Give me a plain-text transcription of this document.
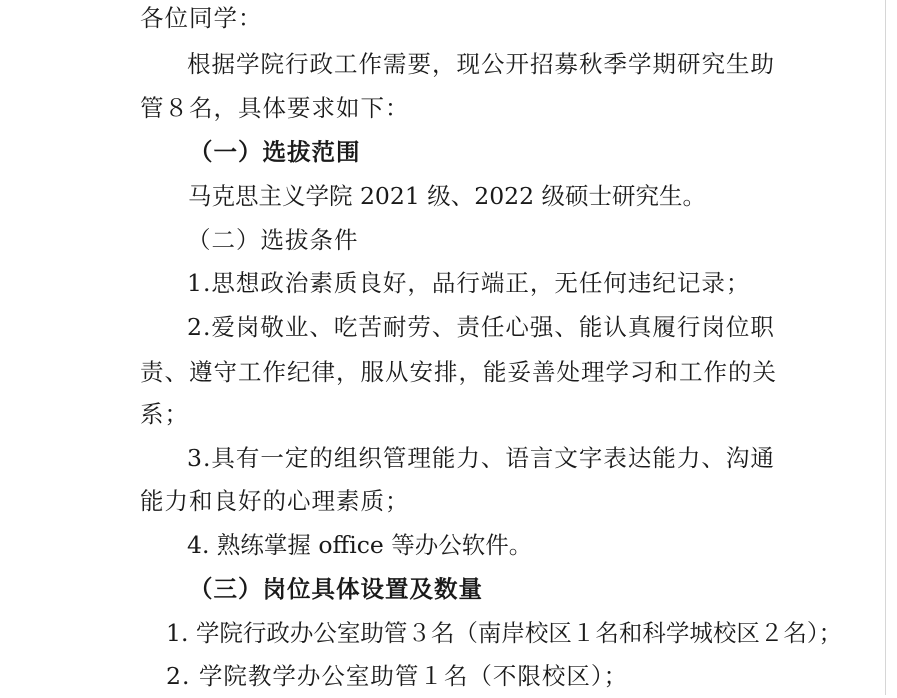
各位同学：
根据学院行政工作需要，现公开招募秋季学期研究生助
管８名，具体要求如下：
（一）选拔范围
马克思主义学院 2021 级、2022 级硕士研究生。
（二）选拔条件
1.思想政治素质良好，品行端正，无任何违纪记录；
2.爱岗敬业、吃苦耐劳、责任心强、能认真履行岗位职
责、遵守工作纪律，服从安排，能妥善处理学习和工作的关
系；
3.具有一定的组织管理能力、语言文字表达能力、沟通
能力和良好的心理素质；
4. 熟练掌握 office 等办公软件。
（三）岗位具体设置及数量
1. 学院行政办公室助管３名（南岸校区１名和科学城校区２名）；
2. 学院教学办公室助管１名（不限校区）；
